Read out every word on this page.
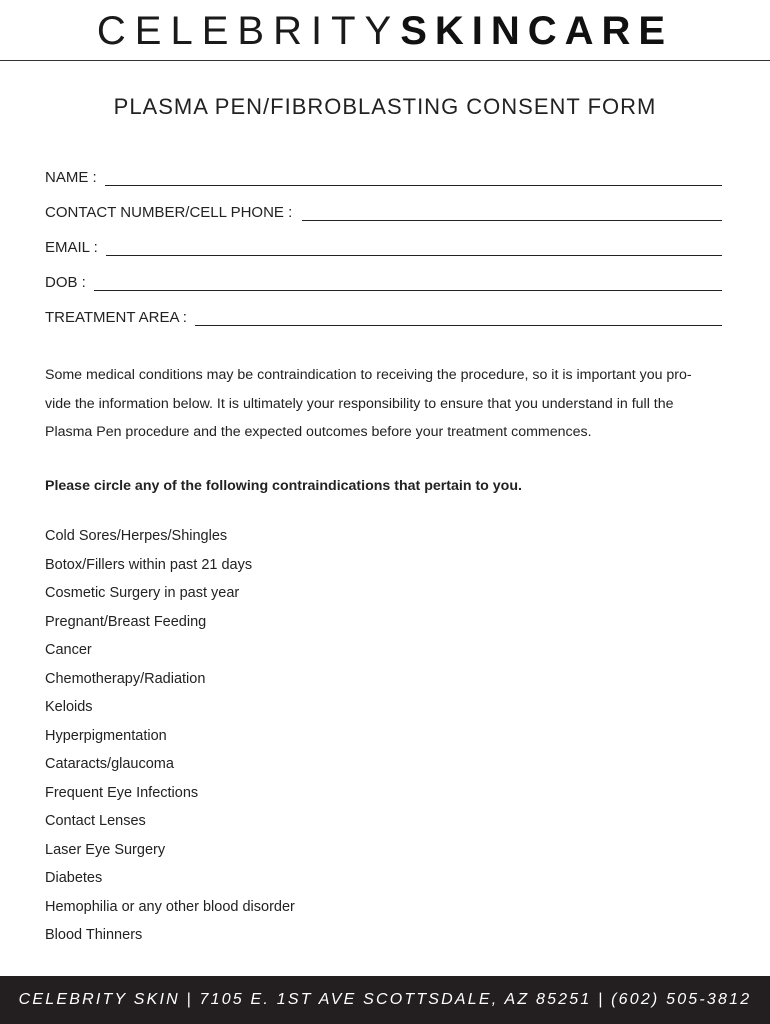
CELEBRITYSKINCARE
PLASMA PEN/FIBROBLASTING CONSENT FORM
NAME :
CONTACT NUMBER/CELL PHONE :
EMAIL :
DOB :
TREATMENT AREA :

Some medical conditions may be contraindication to receiving the procedure, so it is important you pro-

vide the information below. It is ultimately your responsibility to ensure that you understand in full the

Plasma Pen procedure and the expected outcomes before your treatment commences.

Please circle any of the following contraindications that pertain to you.
Cold Sores/Herpes/Shingles
Botox/Fillers within past 21 days
Cosmetic Surgery in past year
Pregnant/Breast Feeding
Cancer
Chemotherapy/Radiation
Keloids
Hyperpigmentation
Cataracts/glaucoma
Frequent Eye Infections
Contact Lenses
Laser Eye Surgery
Diabetes
Hemophilia or any other blood disorder
Blood Thinners
CELEBRITY SKIN | 7105 E. 1ST AVE SCOTTSDALE, AZ 85251 | (602) 505-3812
